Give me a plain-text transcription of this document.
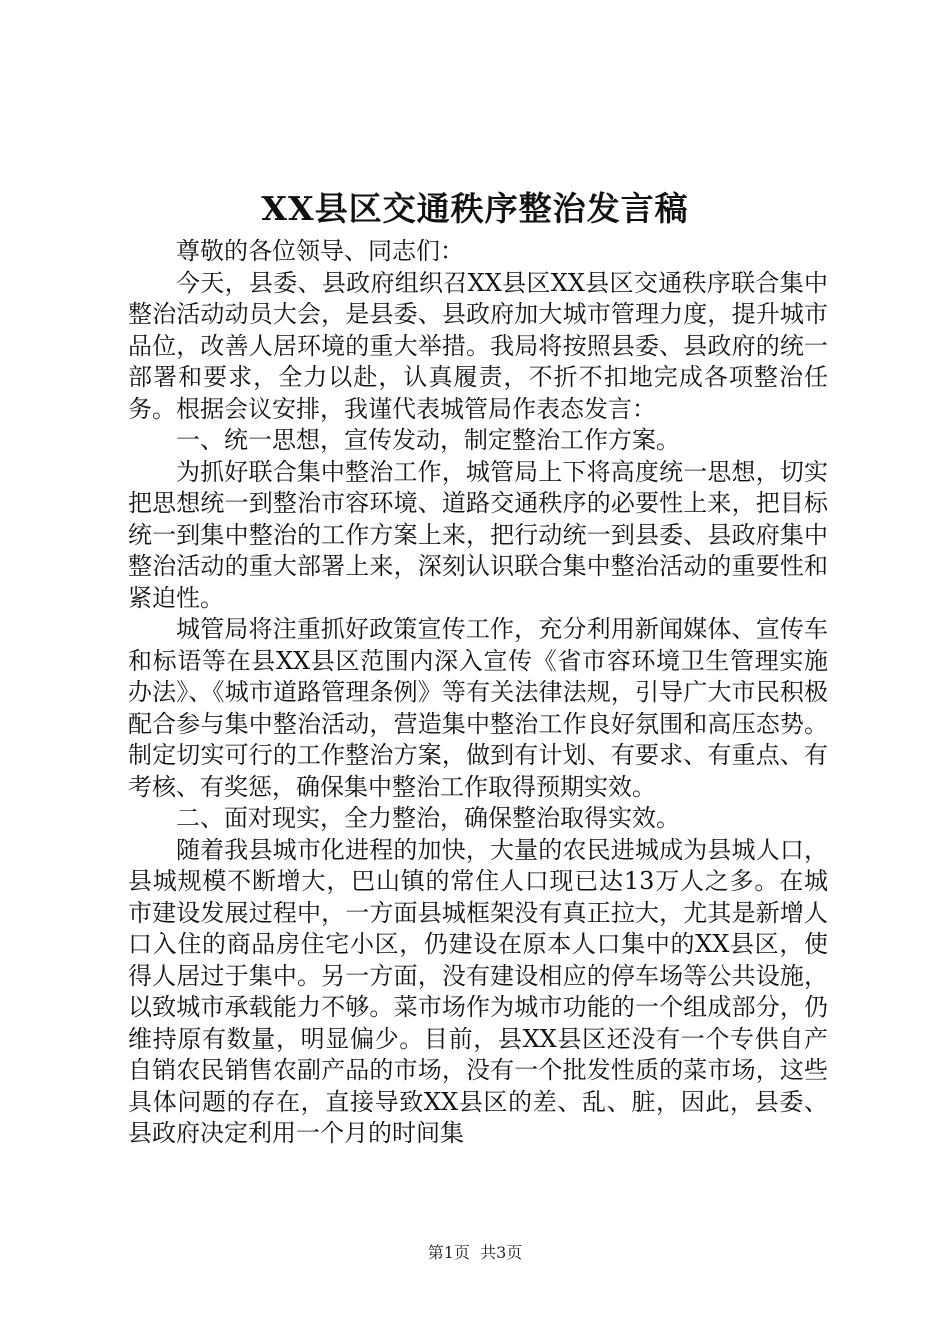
XX县区交通秩序整治发言稿

尊敬的各位领导、同志们：

今天，县委、县政府组织召XX县区XX县区交通秩序联合集中整治活动动员大会，是县委、县政府加大城市管理力度，提升城市品位，改善人居环境的重大举措。我局将按照县委、县政府的统一部署和要求，全力以赴，认真履责，不折不扣地完成各项整治任务。根据会议安排，我谨代表城管局作表态发言：

一、统一思想，宣传发动，制定整治工作方案。

为抓好联合集中整治工作，城管局上下将高度统一思想，切实把思想统一到整治市容环境、道路交通秩序的必要性上来，把目标统一到集中整治的工作方案上来，把行动统一到县委、县政府集中整治活动的重大部署上来，深刻认识联合集中整治活动的重要性和紧迫性。

城管局将注重抓好政策宣传工作，充分利用新闻媒体、宣传车和标语等在县XX县区范围内深入宣传《省市容环境卫生管理实施办法》、《城市道路管理条例》等有关法律法规，引导广大市民积极配合参与集中整治活动，营造集中整治工作良好氛围和高压态势。制定切实可行的工作整治方案，做到有计划、有要求、有重点、有考核、有奖惩，确保集中整治工作取得预期实效。

二、面对现实，全力整治，确保整治取得实效。

随着我县城市化进程的加快，大量的农民进城成为县城人口，县城规模不断增大，巴山镇的常住人口现已达13万人之多。在城市建设发展过程中，一方面县城框架没有真正拉大，尤其是新增人口入住的商品房住宅小区，仍建设在原本人口集中的XX县区，使得人居过于集中。另一方面，没有建设相应的停车场等公共设施，以致城市承载能力不够。菜市场作为城市功能的一个组成部分，仍维持原有数量，明显偏少。目前，县XX县区还没有一个专供自产自销农民销售农副产品的市场，没有一个批发性质的菜市场，这些具体问题的存在，直接导致XX县区的差、乱、脏，因此，县委、县政府决定利用一个月的时间集

第1页 共3页
